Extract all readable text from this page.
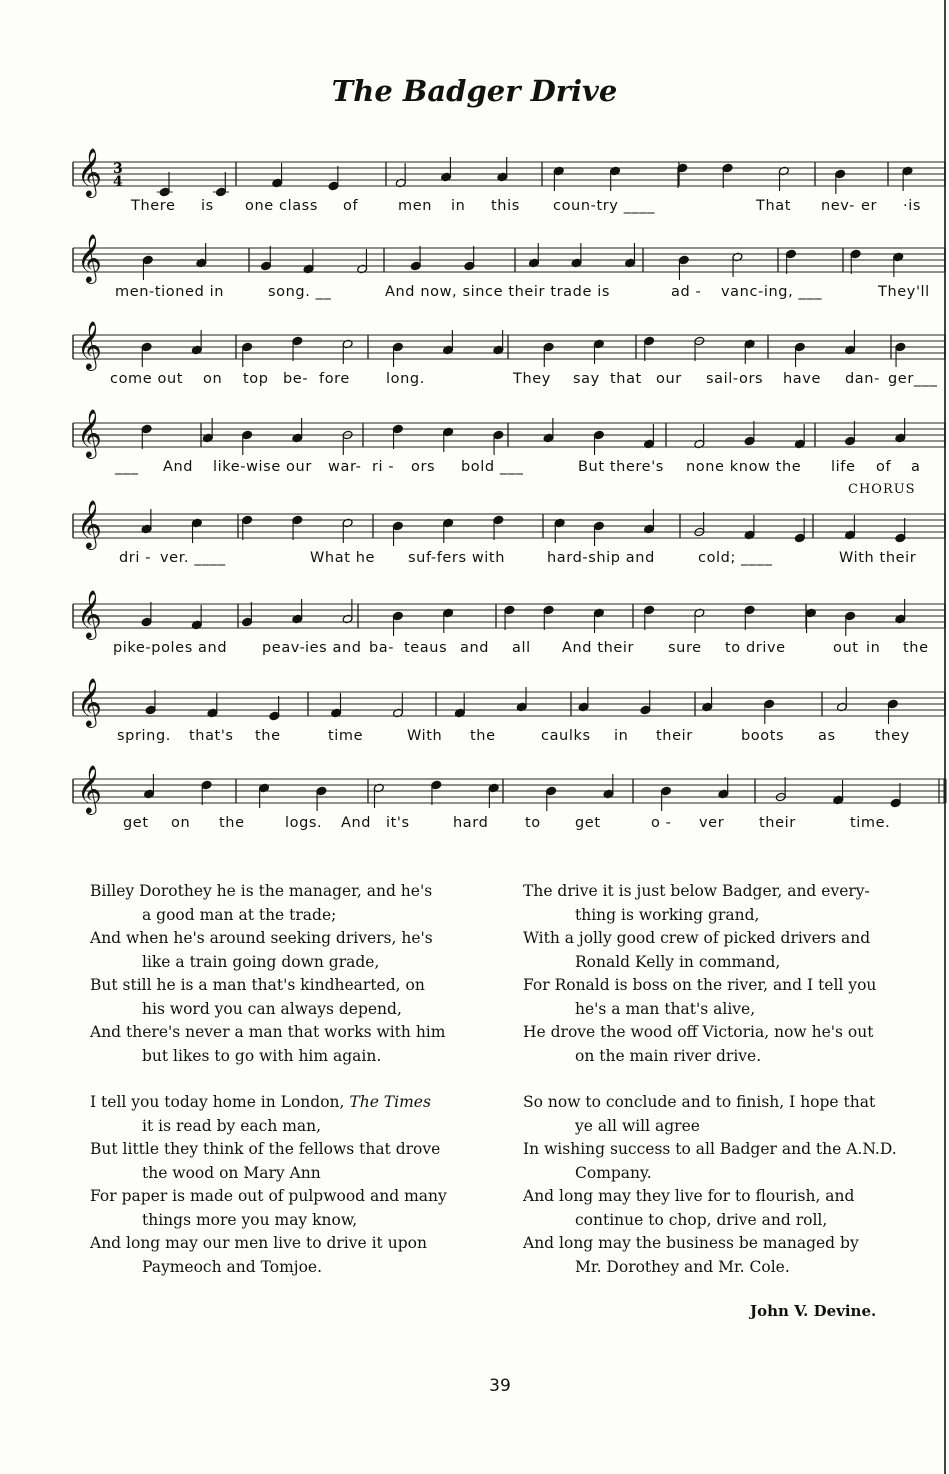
The Badger Drive
𝄞 3
4
There is one class of	men in this coun-try ____	That nev- er ·is
𝄞
men-tioned in	song. __	And now, since their trade is	ad - vanc-ing, ___	They'll
𝄞
come out on top be- fore long.	They say that our sail-ors have dan- ger___
𝄞
___ And like-wise our war- ri - ors bold ___	But there's none know the life of a
𝄞
dri - ver. ____	What he suf-fers with	hard-ship and	cold; ____	With their
CHORUS
𝄞
pike-poles and peav- ies and ba- teaus and all And their sure to drive	out in the
𝄞
spring. that's the	time	With the	caulks in their	boots as	they
𝄞
get on the	logs. And it's	hard	to get	o - ver their	time.
Billey Dorothey he is the manager, and he's
a good man at the trade;
And when he's around seeking drivers, he's
like a train going down grade,
But still he is a man that's kindhearted, on
his word you can always depend,
And there's never a man that works with him
but likes to go with him again.
I tell you today home in London, The Times
it is read by each man,
But little they think of the fellows that drove
the wood on Mary Ann
For paper is made out of pulpwood and many
things more you may know,
And long may our men live to drive it upon
Paymeoch and Tomjoe.
The drive it is just below Badger, and every-
thing is working grand,
With a jolly good crew of picked drivers and
Ronald Kelly in command,
For Ronald is boss on the river, and I tell you
he's a man that's alive,
He drove the wood off Victoria, now he's out
on the main river drive.
So now to conclude and to finish, I hope that
ye all will agree
In wishing success to all Badger and the A.N.D.
Company.
And long may they live for to flourish, and
continue to chop, drive and roll,
And long may the business be managed by
Mr. Dorothey and Mr. Cole.
John V. Devine.
39
